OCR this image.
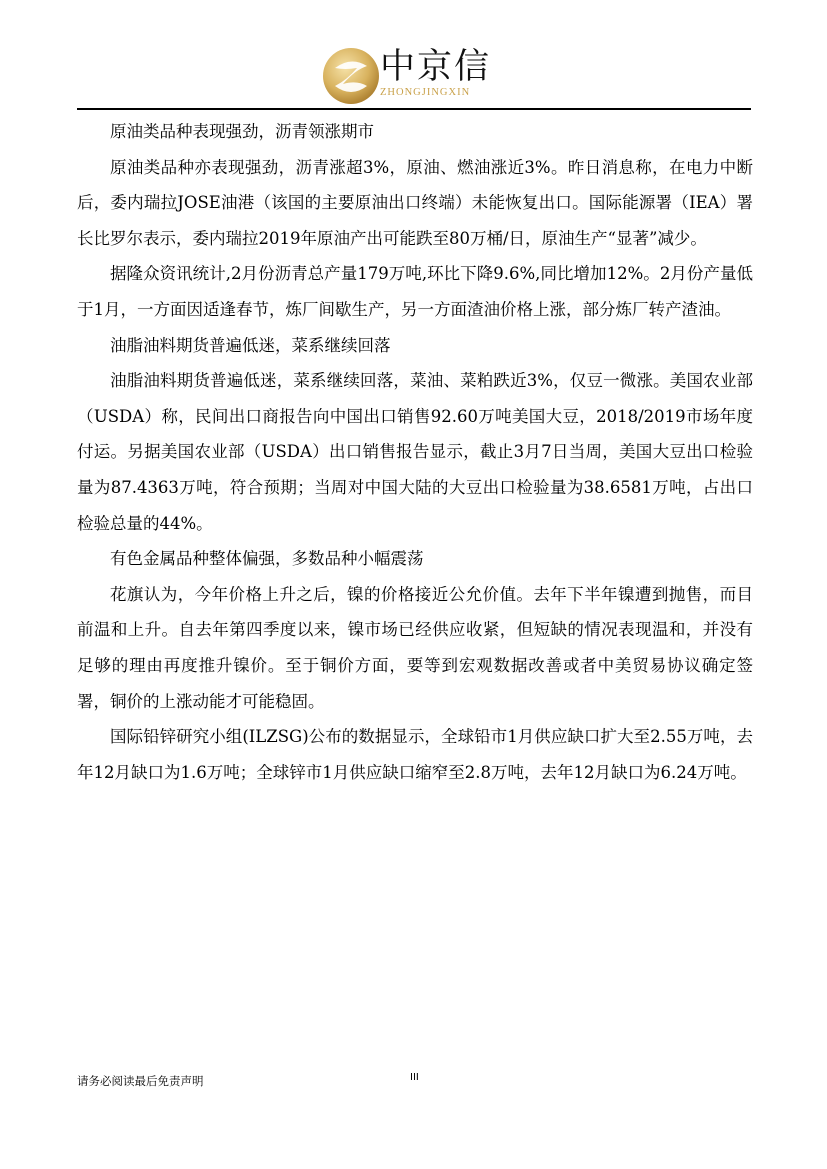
中京信
ZHONGJINGXIN

原油类品种表现强劲，沥青领涨期市

原油类品种亦表现强劲，沥青涨超3%，原油、燃油涨近3%。昨日消息称，在电力中断后，委内瑞拉JOSE油港（该国的主要原油出口终端）未能恢复出口。国际能源署（IEA）署长比罗尔表示，委内瑞拉2019年原油产出可能跌至80万桶/日，原油生产“显著”减少。

据隆众资讯统计,2月份沥青总产量179万吨,环比下降9.6%,同比增加12%。2月份产量低于1月，一方面因适逢春节，炼厂间歇生产，另一方面渣油价格上涨，部分炼厂转产渣油。

油脂油料期货普遍低迷，菜系继续回落

油脂油料期货普遍低迷，菜系继续回落，菜油、菜粕跌近3%，仅豆一微涨。美国农业部（USDA）称，民间出口商报告向中国出口销售92.60万吨美国大豆，2018/2019市场年度付运。另据美国农业部（USDA）出口销售报告显示，截止3月7日当周，美国大豆出口检验量为87.4363万吨，符合预期；当周对中国大陆的大豆出口检验量为38.6581万吨，占出口检验总量的44%。

有色金属品种整体偏强，多数品种小幅震荡

花旗认为，今年价格上升之后，镍的价格接近公允价值。去年下半年镍遭到抛售，而目前温和上升。自去年第四季度以来，镍市场已经供应收紧，但短缺的情况表现温和，并没有足够的理由再度推升镍价。至于铜价方面，要等到宏观数据改善或者中美贸易协议确定签署，铜价的上涨动能才可能稳固。

国际铅锌研究小组(ILZSG)公布的数据显示，全球铅市1月供应缺口扩大至2.55万吨，去年12月缺口为1.6万吨；全球锌市1月供应缺口缩窄至2.8万吨，去年12月缺口为6.24万吨。

请务必阅读最后免责声明	III
